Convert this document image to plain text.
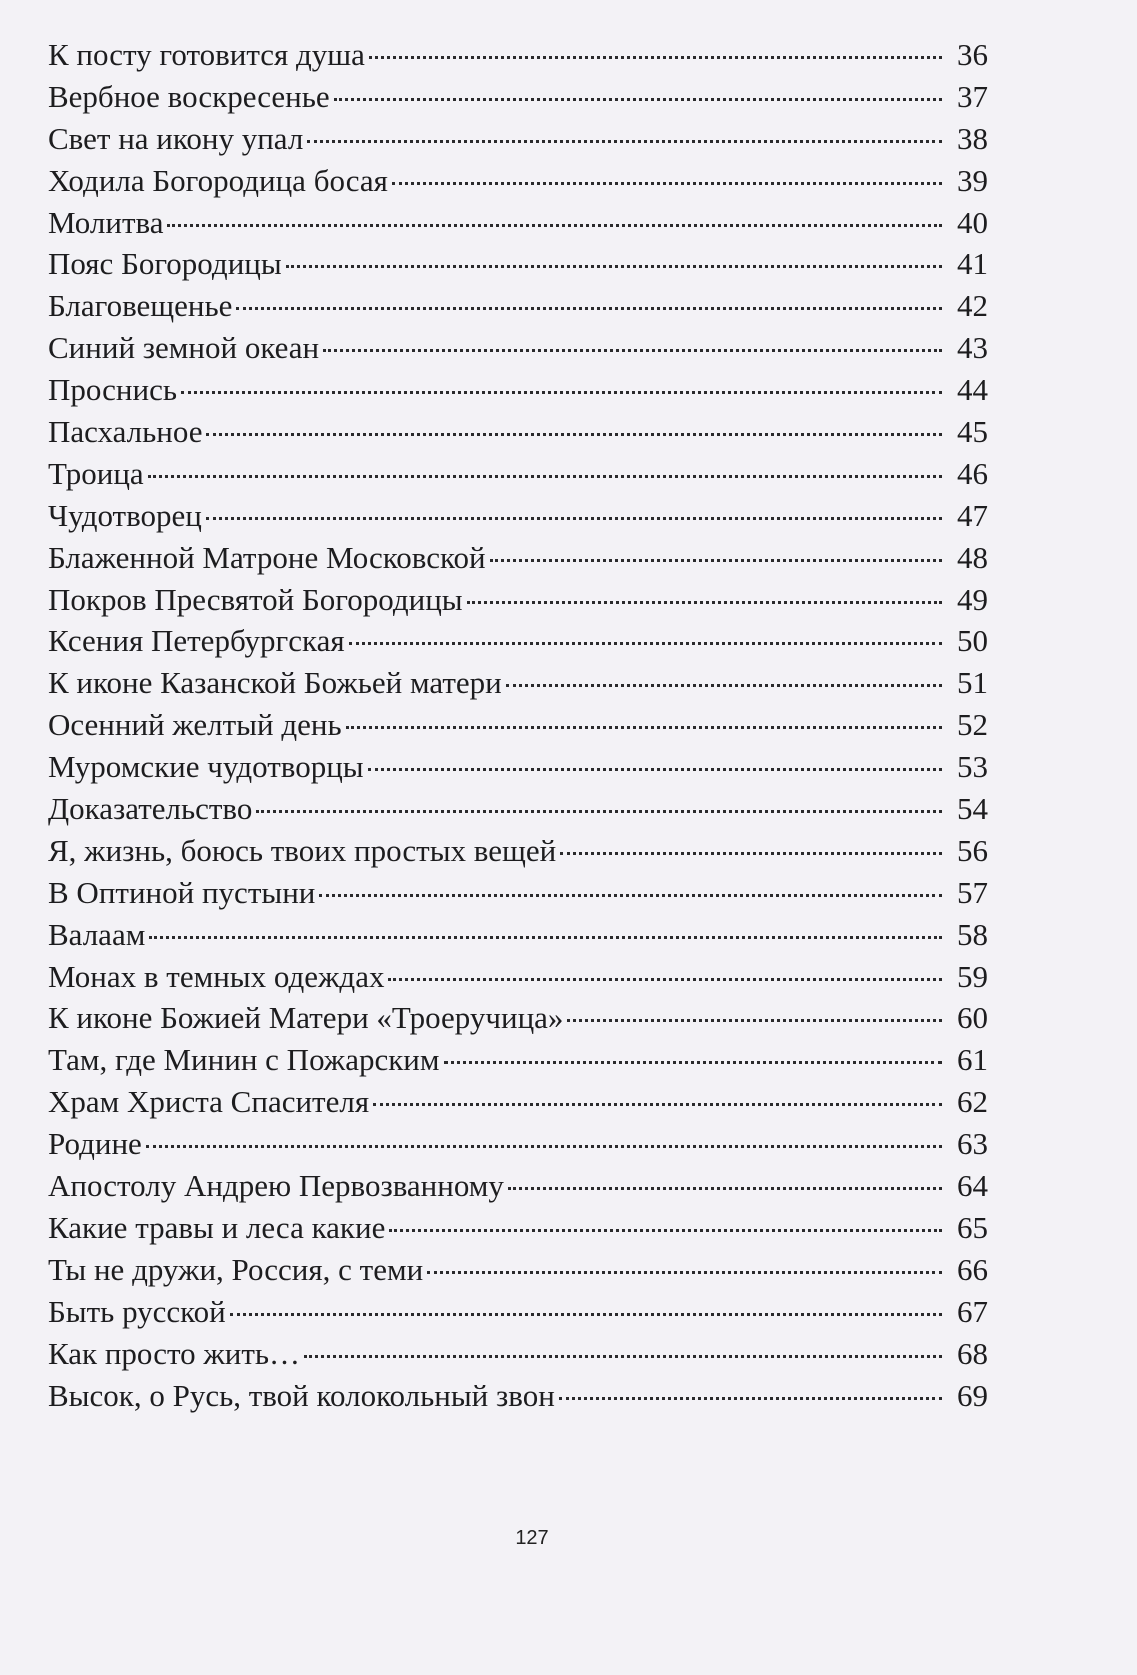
К посту готовится душа	36
Вербное воскресенье	37
Свет на икону упал	38
Ходила Богородица босая	39
Молитва	40
Пояс Богородицы	41
Благовещенье	42
Синий земной океан	43
Проснись	44
Пасхальное	45
Троица	46
Чудотворец	47
Блаженной Матроне Московской	48
Покров Пресвятой Богородицы	49
Ксения Петербургская	50
К иконе Казанской Божьей матери	51
Осенний желтый день	52
Муромские чудотворцы	53
Доказательство	54
Я, жизнь, боюсь твоих простых вещей	56
В Оптиной пустыни	57
Валаам	58
Монах в темных одеждах	59
К иконе Божией Матери «Троеручица»	60
Там, где Минин с Пожарским	61
Храм Христа Спасителя	62
Родине	63
Апостолу Андрею Первозванному	64
Какие травы и леса какие	65
Ты не дружи, Россия, с теми	66
Быть русской	67
Как просто жить…	68
Высок, о Русь, твой колокольный звон	69
127
